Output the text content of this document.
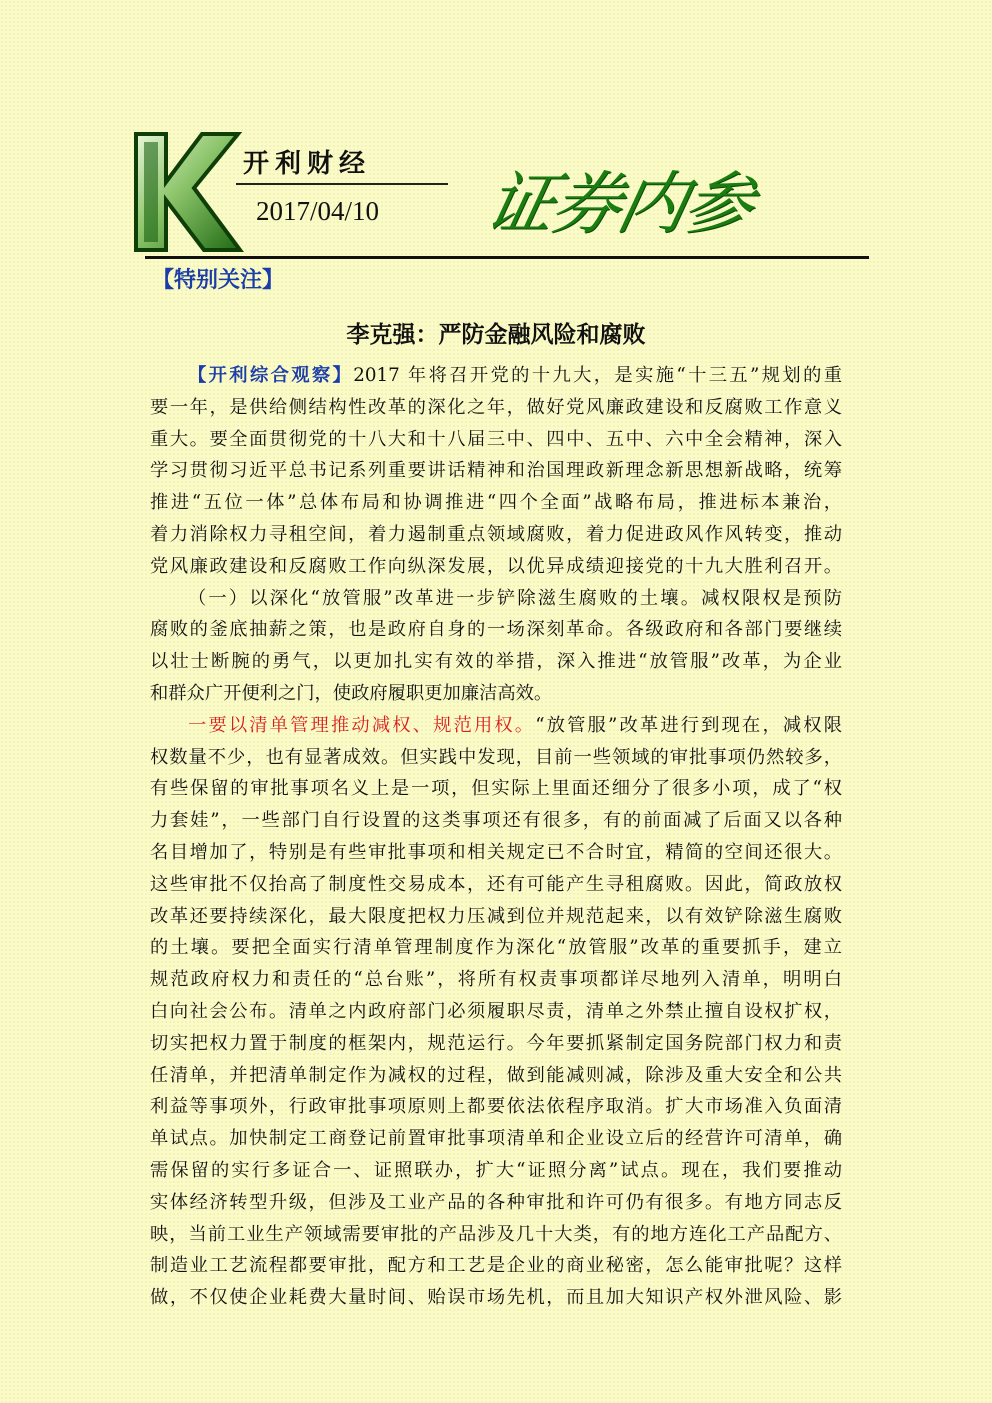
开利财经
2017/04/10 证券内参
【特别关注】
李克强：严防金融风险和腐败
【开利综合观察】2017 年将召开党的十九大，是实施“十三五”规划的重
要一年，是供给侧结构性改革的深化之年，做好党风廉政建设和反腐败工作意义
重大。要全面贯彻党的十八大和十八届三中、四中、五中、六中全会精神，深入
学习贯彻习近平总书记系列重要讲话精神和治国理政新理念新思想新战略，统筹
推进“五位一体”总体布局和协调推进“四个全面”战略布局，推进标本兼治，
着力消除权力寻租空间，着力遏制重点领域腐败，着力促进政风作风转变，推动
党风廉政建设和反腐败工作向纵深发展，以优异成绩迎接党的十九大胜利召开。
（一）以深化“放管服”改革进一步铲除滋生腐败的土壤。减权限权是预防
腐败的釜底抽薪之策，也是政府自身的一场深刻革命。各级政府和各部门要继续
以壮士断腕的勇气，以更加扎实有效的举措，深入推进“放管服”改革，为企业
和群众广开便利之门，使政府履职更加廉洁高效。
一要以清单管理推动减权、规范用权。“放管服”改革进行到现在，减权限
权数量不少，也有显著成效。但实践中发现，目前一些领域的审批事项仍然较多，
有些保留的审批事项名义上是一项，但实际上里面还细分了很多小项，成了“权
力套娃”，一些部门自行设置的这类事项还有很多，有的前面减了后面又以各种
名目增加了，特别是有些审批事项和相关规定已不合时宜，精简的空间还很大。
这些审批不仅抬高了制度性交易成本，还有可能产生寻租腐败。因此，简政放权
改革还要持续深化，最大限度把权力压减到位并规范起来，以有效铲除滋生腐败
的土壤。要把全面实行清单管理制度作为深化“放管服”改革的重要抓手，建立
规范政府权力和责任的“总台账”，将所有权责事项都详尽地列入清单，明明白
白向社会公布。清单之内政府部门必须履职尽责，清单之外禁止擅自设权扩权，
切实把权力置于制度的框架内，规范运行。今年要抓紧制定国务院部门权力和责
任清单，并把清单制定作为减权的过程，做到能减则减，除涉及重大安全和公共
利益等事项外，行政审批事项原则上都要依法依程序取消。扩大市场准入负面清
单试点。加快制定工商登记前置审批事项清单和企业设立后的经营许可清单，确
需保留的实行多证合一、证照联办，扩大“证照分离”试点。现在，我们要推动
实体经济转型升级，但涉及工业产品的各种审批和许可仍有很多。有地方同志反
映，当前工业生产领域需要审批的产品涉及几十大类，有的地方连化工产品配方、
制造业工艺流程都要审批，配方和工艺是企业的商业秘密，怎么能审批呢？这样
做，不仅使企业耗费大量时间、贻误市场先机，而且加大知识产权外泄风险、影
